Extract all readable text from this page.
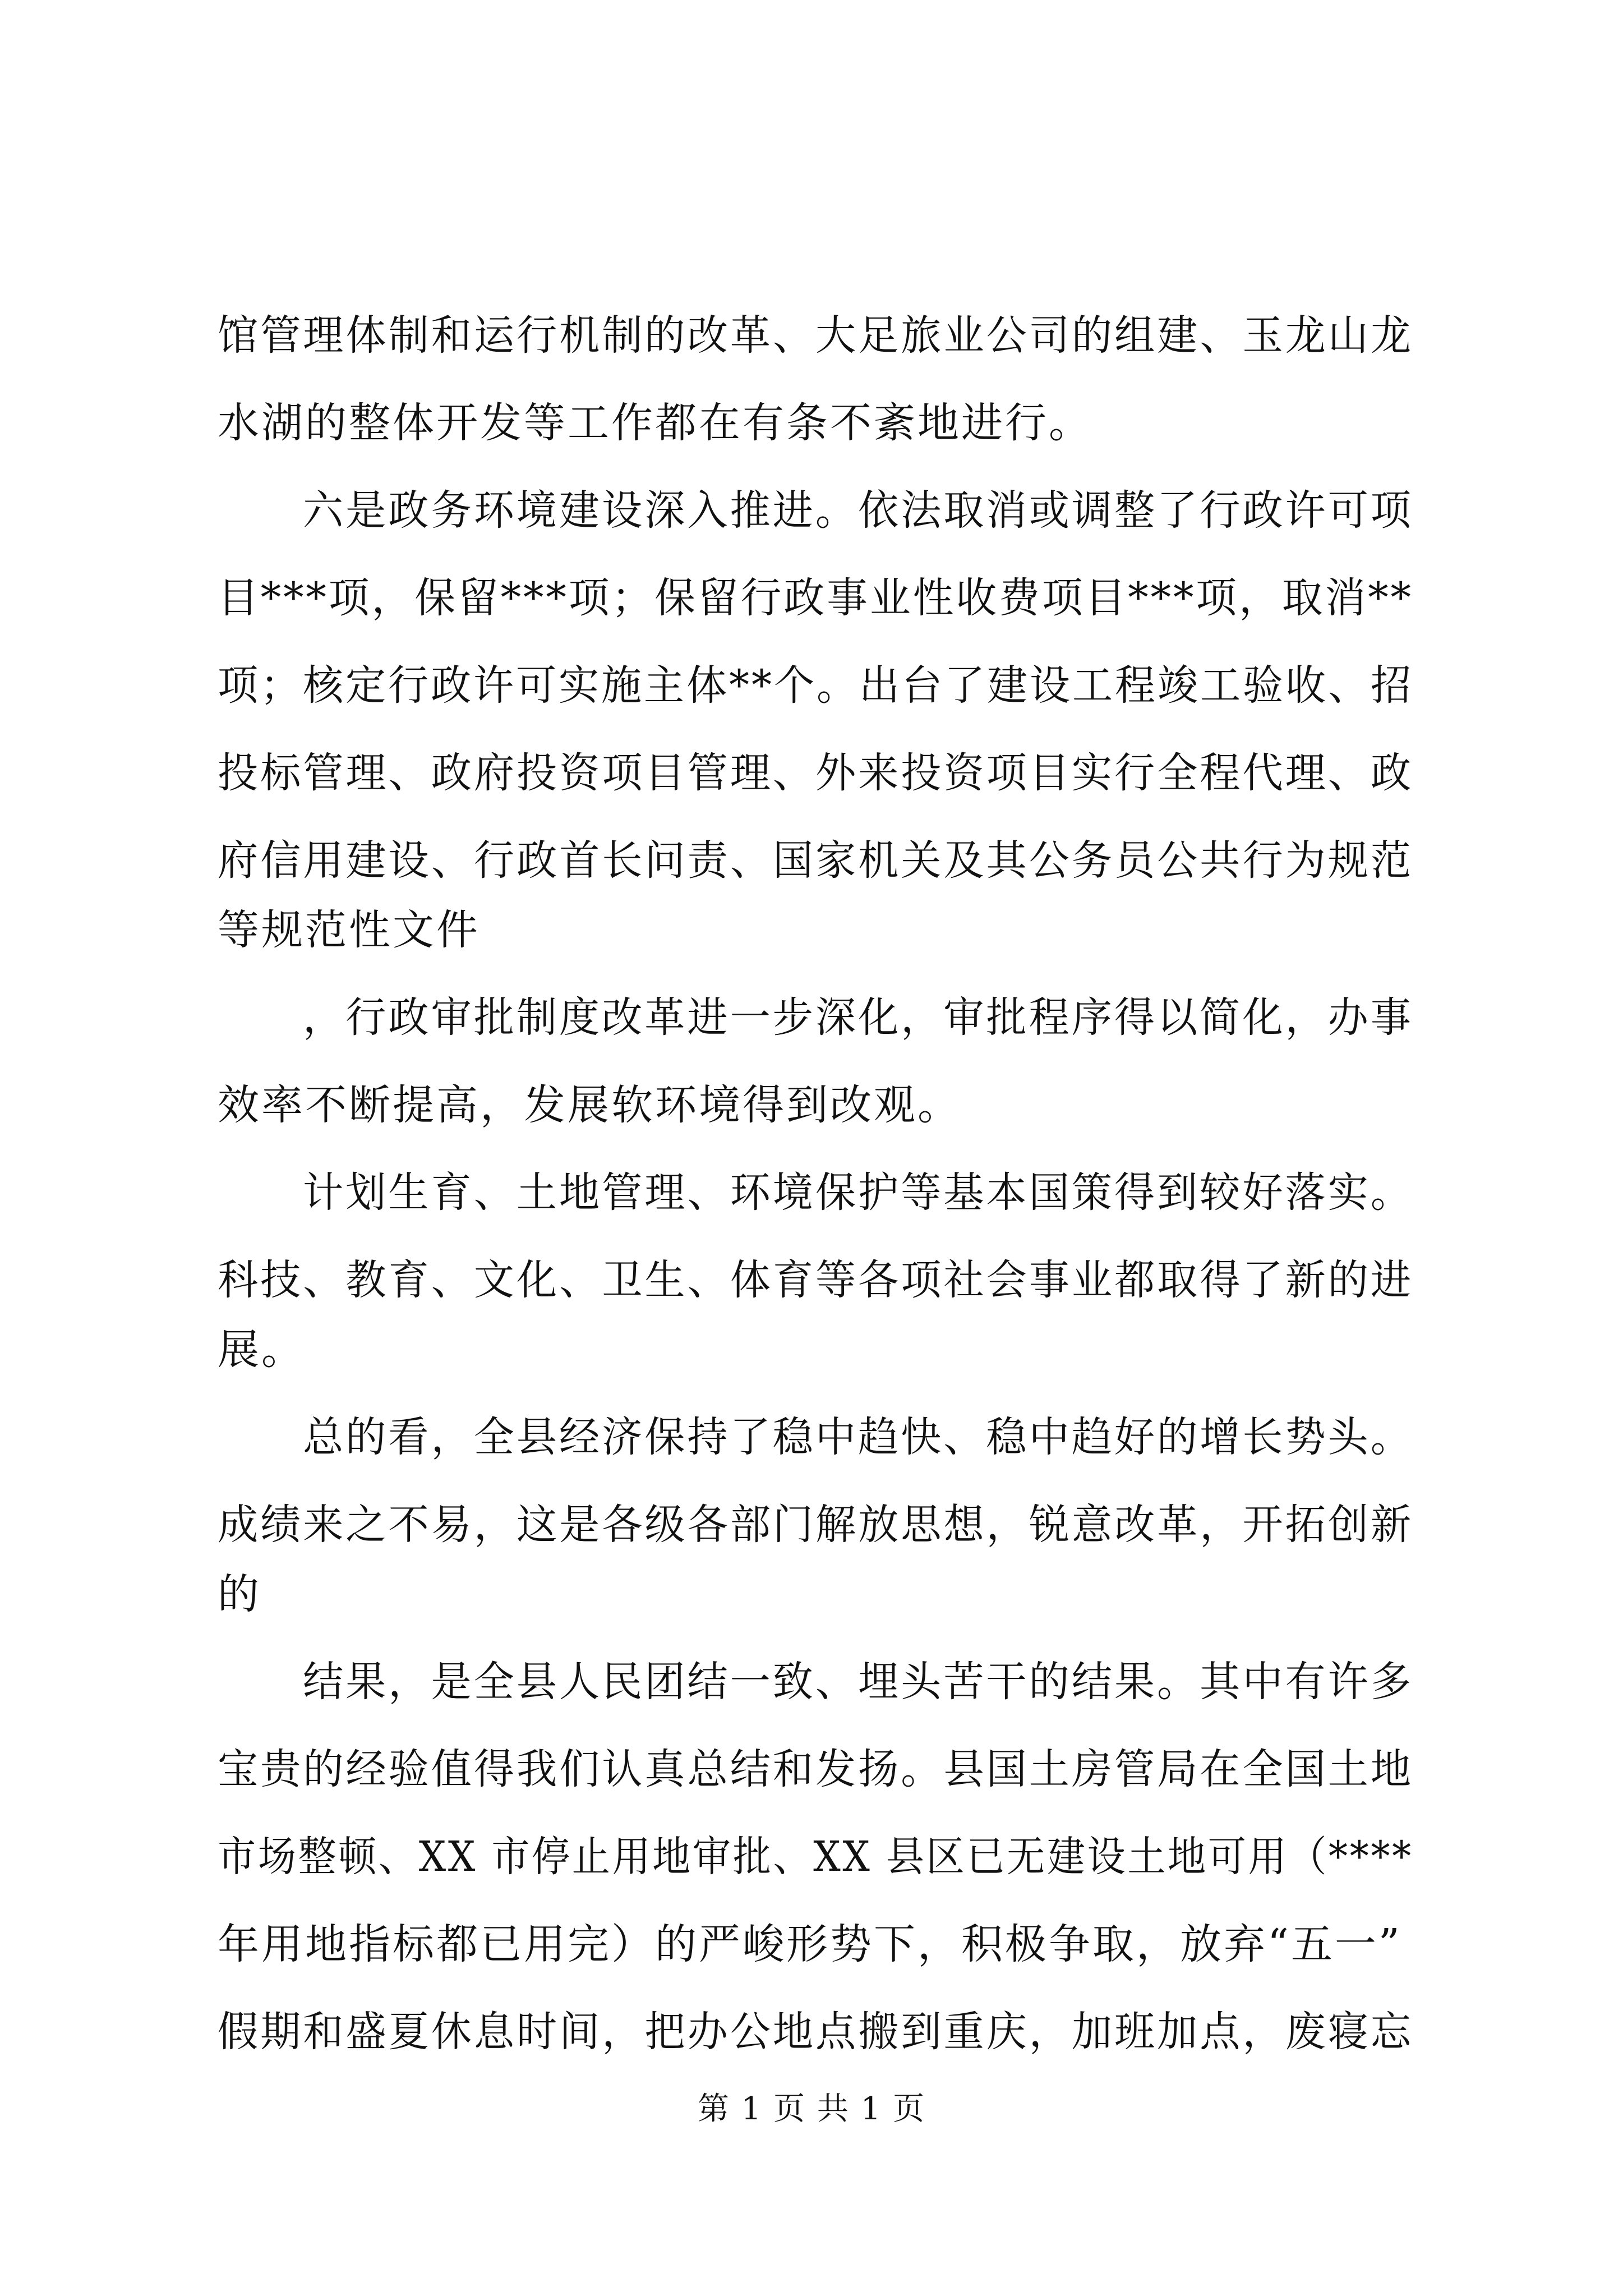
馆管理体制和运行机制的改革、大足旅业公司的组建、玉龙山龙
水湖的整体开发等工作都在有条不紊地进行。
六是政务环境建设深入推进。依法取消或调整了行政许可项
目***项，保留***项；保留行政事业性收费项目***项，取消**
项；核定行政许可实施主体**个。出台了建设工程竣工验收、招
投标管理、政府投资项目管理、外来投资项目实行全程代理、政
府信用建设、行政首长问责、国家机关及其公务员公共行为规范
等规范性文件
，行政审批制度改革进一步深化，审批程序得以简化，办事
效率不断提高，发展软环境得到改观。
计划生育、土地管理、环境保护等基本国策得到较好落实。
科技、教育、文化、卫生、体育等各项社会事业都取得了新的进
展。
总的看，全县经济保持了稳中趋快、稳中趋好的增长势头。
成绩来之不易，这是各级各部门解放思想，锐意改革，开拓创新
的
结果，是全县人民团结一致、埋头苦干的结果。其中有许多
宝贵的经验值得我们认真总结和发扬。县国土房管局在全国土地
市场整顿、XX 市停止用地审批、XX 县区已无建设土地可用（****
年用地指标都已用完）的严峻形势下，积极争取，放弃“五一”
假期和盛夏休息时间，把办公地点搬到重庆，加班加点，废寝忘
第 1 页 共 1 页
